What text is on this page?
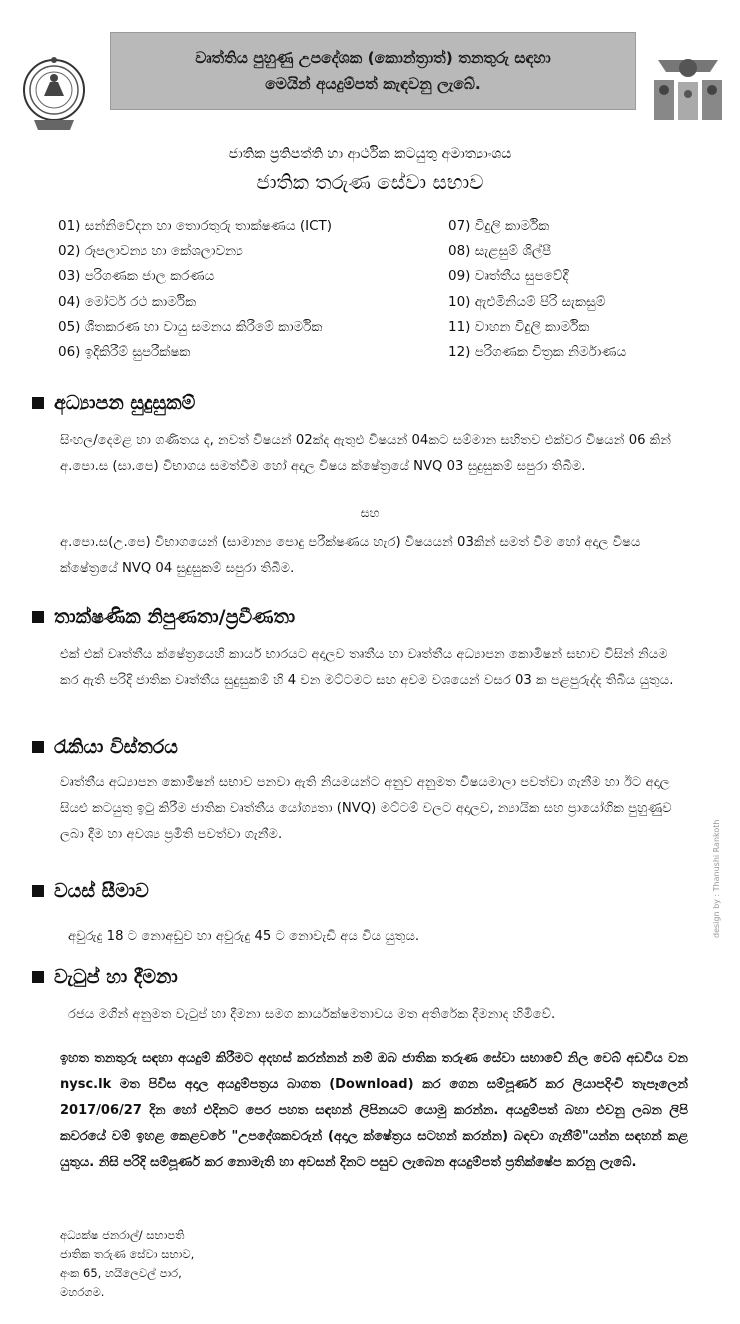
වෘත්තිය පුහුණු උපදේශක (කොන්ත්‍රාත්) තනතුරු සඳහා
මෙයින් අයදුම්පත් කැඳවනු ලැබේ.
ජාතික ප්‍රතිපත්ති හා ආර්ථික කටයුතු අමාත්‍යාංශය
ජාතික තරුණ සේවා සභාව
01) සන්නිවේදන හා තොරතුරු තාක්ෂණය (ICT)
02) රූපලාවන්‍ය හා කේශලාවන්‍ය
03) පරිගණක ජාල කරණය
04) මෝටර් රථ කාර්මික
05) ශීතකරණ හා වායු සමනය කිරීමේ කාර්මික
06) ඉදිකිරීම් සුපරීක්ෂක
07) විදුලි කාර්මික
08) සැළසුම් ශිල්පී
09) වෘත්තීය සුපවේදී
10) ඇළුමිනියම් පිරි සැකසුම්
11) වාහන විදුලි කාර්මික
12) පරිගණක චිත්‍රක නිර්මාණය
අධ්‍යාපන සුදුසුකම්
සිංහල/දෙමළ හා ගණිතය ද, නවත් විෂයන් 02ක්ද ඇතුළු විෂයන් 04කට සම්මාන සහිතව එක්වර විෂයන් 06 කින් අ.පො.ස (සා.පෙ) විභාගය සමත්වීම හෝ අදාල විෂය ක්ෂේත්‍රයේ NVQ 03 සුදුසුකම් සපුරා තිබීම.
සහ
අ.පො.ස(උ.පෙ) විභාගයෙන් (සාමාන්‍ය පොදු පරීක්ෂණය හැර) විෂයයන් 03කින් සමත් වීම හෝ අදාල විෂය ක්ෂේත්‍රයේ NVQ 04 සුදුසුකම් සපුරා තිබීම.
තාක්ෂණික නිපුණතා/ප්‍රවීණතා
එක් එක් වෘත්තීය ක්ෂේත්‍රයෙහි කාර්ය භාරයට අදාලව තෘතීය හා වෘත්තීය අධ්‍යාපන කොමිෂන් සභාව විසින් නියම කර ඇති පරිදි ජාතික වෘත්තීය සුදුසුකම් හි 4 වන මට්ටමට සහ අවම වශයෙන් වසර 03 ක පළපුරුද්ද තිබිය යුතුය.
රැකියා විස්තරය
වෘත්තීය අධ්‍යාපන කොමිෂන් සභාව පනවා ඇති නියමයන්ට අනුව අනුමත විෂයමාලා පවත්වා ගැනීම හා ඊට අදාල සියළු කටයුතු ඉටු කිරීම ජාතික වෘත්තීය යෝග්‍යතා (NVQ) මට්ටම් වලට අදාලව, න්‍යායික සහ ප්‍රායෝගික පුහුණුව ලබා දීම හා අවශ්‍ය ප්‍රමිති පවත්වා ගැනීම.
වයස් සීමාව
අවුරුදු 18 ට නොඅඩුව හා අවුරුදු 45 ට නොවැඩි අය විය යුතුය.
වැටුප් හා දීමනා
රජය මගින් අනුමත වැටුප් හා දීමනා සමග කාර්යක්ෂමතාවය මත අතිරේක දීමනාද හිමිවේ.
ඉහත තනතුරු සඳහා අයදුම් කිරීමට අදහස් කරන්නන් නම් ඔබ ජාතික තරුණ සේවා සභාවේ නිල වෙබ් අඩවිය වන nysc.lk මත පිවිස අදාල අයදුම්පත්‍රය බාගත (Download) කර ගෙන සම්පූර්ණ කර ලියාපදිංචි තැපෑලෙන් 2017/06/27 දින හෝ එදිනට පෙර පහත සඳහන් ලිපිනයට යොමු කරන්න. අයදුම්පත් බහා එවනු ලබන ලිපි කවරයේ වම් ඉහළ කෙළවරේ "උපදේශකවරුන් (අදාල ක්ෂේත්‍රය සටහන් කරන්න) බඳවා ගැනීම්"යන්න සඳහන් කළ යුතුය. නිසි පරිදි සම්පූර්ණ කර නොමැති හා අවසන් දිනට පසුව ලැබෙන අයදුම්පත් ප්‍රතික්ෂේප කරනු ලැබේ.
අධ්‍යක්ෂ ජනරාල්/ සභාපති
ජාතික තරුණ සේවා සභාව,
අංක 65, හයිලෙවල් පාර,
මහරගම.
design by : Thanushi Rankoth
